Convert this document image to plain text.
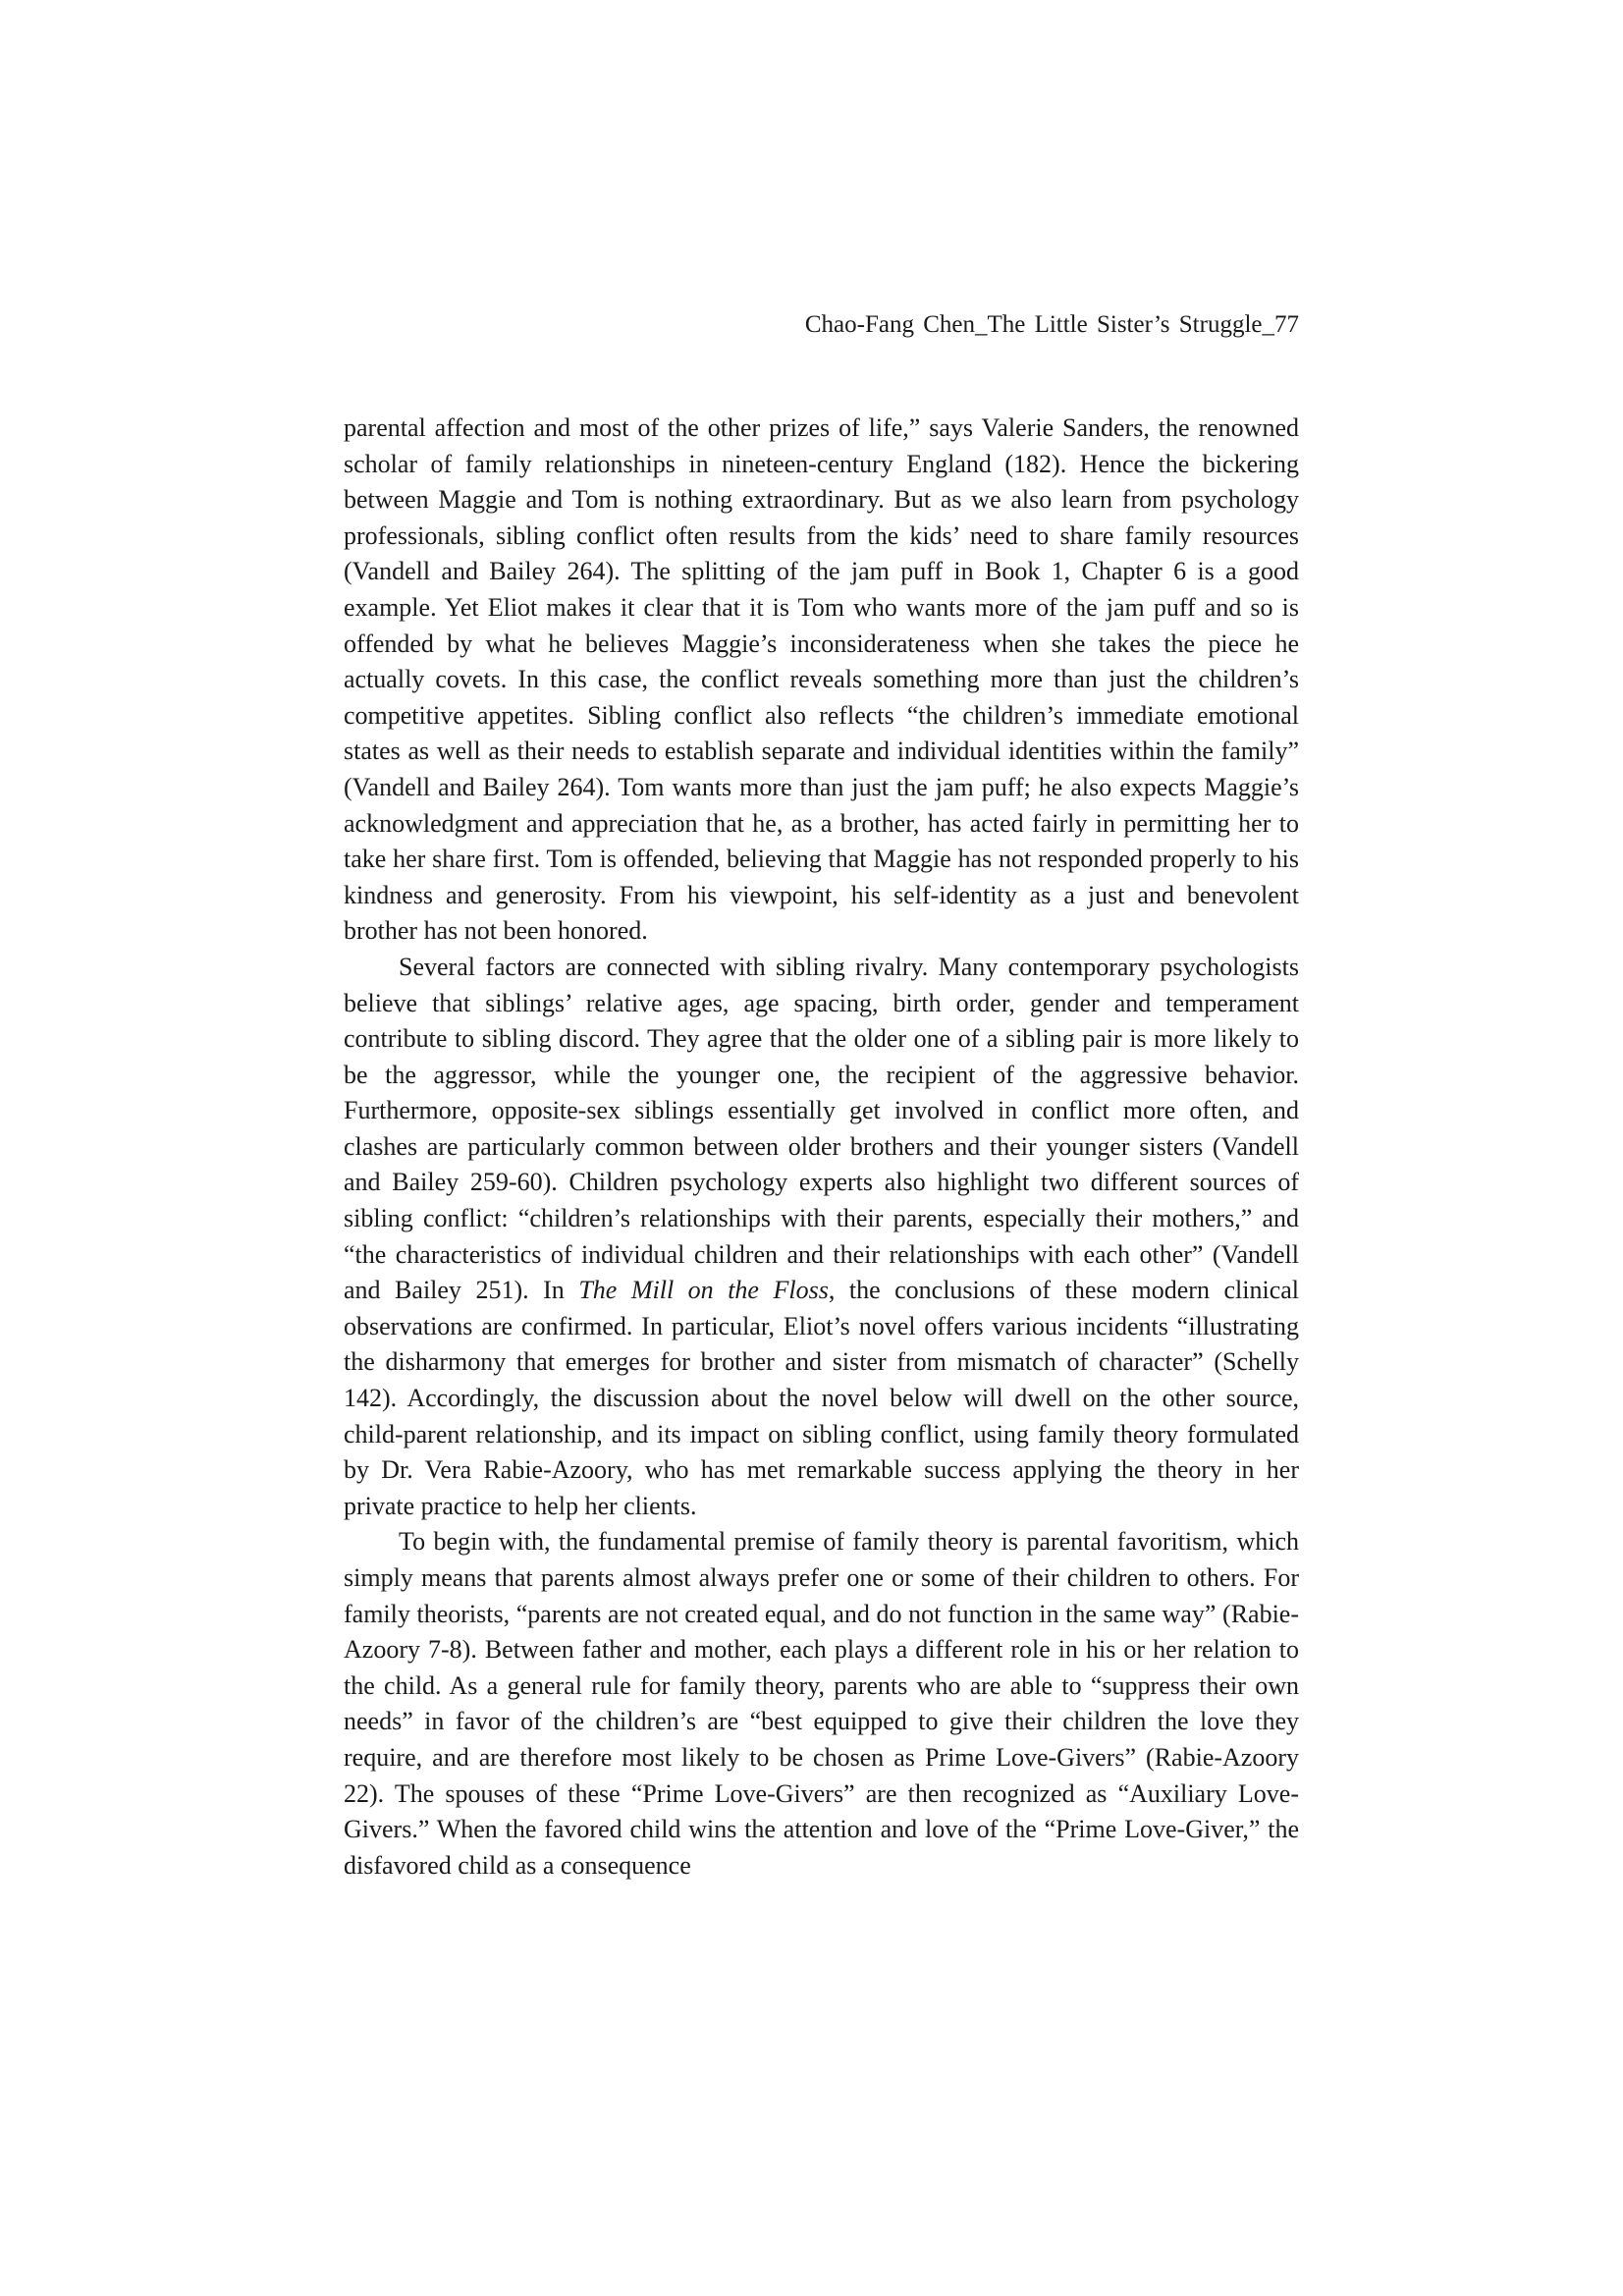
Chao-Fang Chen_The Little Sister’s Struggle_77

parental affection and most of the other prizes of life,” says Valerie Sanders, the renowned scholar of family relationships in nineteen-century England (182). Hence the bickering between Maggie and Tom is nothing extraordinary. But as we also learn from psychology professionals, sibling conflict often results from the kids’ need to share family resources (Vandell and Bailey 264). The splitting of the jam puff in Book 1, Chapter 6 is a good example. Yet Eliot makes it clear that it is Tom who wants more of the jam puff and so is offended by what he believes Maggie’s inconsiderateness when she takes the piece he actually covets. In this case, the conflict reveals something more than just the children’s competitive appetites. Sibling conflict also reflects “the children’s immediate emotional states as well as their needs to establish separate and individual identities within the family” (Vandell and Bailey 264). Tom wants more than just the jam puff; he also expects Maggie’s acknowledgment and appreciation that he, as a brother, has acted fairly in permitting her to take her share first. Tom is offended, believing that Maggie has not responded properly to his kindness and generosity. From his viewpoint, his self-identity as a just and benevolent brother has not been honored.

Several factors are connected with sibling rivalry. Many contemporary psychologists believe that siblings’ relative ages, age spacing, birth order, gender and temperament contribute to sibling discord. They agree that the older one of a sibling pair is more likely to be the aggressor, while the younger one, the recipient of the aggressive behavior. Furthermore, opposite-sex siblings essentially get involved in conflict more often, and clashes are particularly common between older brothers and their younger sisters (Vandell and Bailey 259-60). Children psychology experts also highlight two different sources of sibling conflict: “children’s relationships with their parents, especially their mothers,” and “the characteristics of individual children and their relationships with each other” (Vandell and Bailey 251). In The Mill on the Floss, the conclusions of these modern clinical observations are confirmed. In particular, Eliot’s novel offers various incidents “illustrating the disharmony that emerges for brother and sister from mismatch of character” (Schelly 142). Accordingly, the discussion about the novel below will dwell on the other source, child-parent relationship, and its impact on sibling conflict, using family theory formulated by Dr. Vera Rabie-Azoory, who has met remarkable success applying the theory in her private practice to help her clients.

To begin with, the fundamental premise of family theory is parental favoritism, which simply means that parents almost always prefer one or some of their children to others. For family theorists, “parents are not created equal, and do not function in the same way” (Rabie-Azoory 7-8). Between father and mother, each plays a different role in his or her relation to the child. As a general rule for family theory, parents who are able to “suppress their own needs” in favor of the children’s are “best equipped to give their children the love they require, and are therefore most likely to be chosen as Prime Love-Givers” (Rabie-Azoory 22). The spouses of these “Prime Love-Givers” are then recognized as “Auxiliary Love-Givers.” When the favored child wins the attention and love of the “Prime Love-Giver,” the disfavored child as a consequence
